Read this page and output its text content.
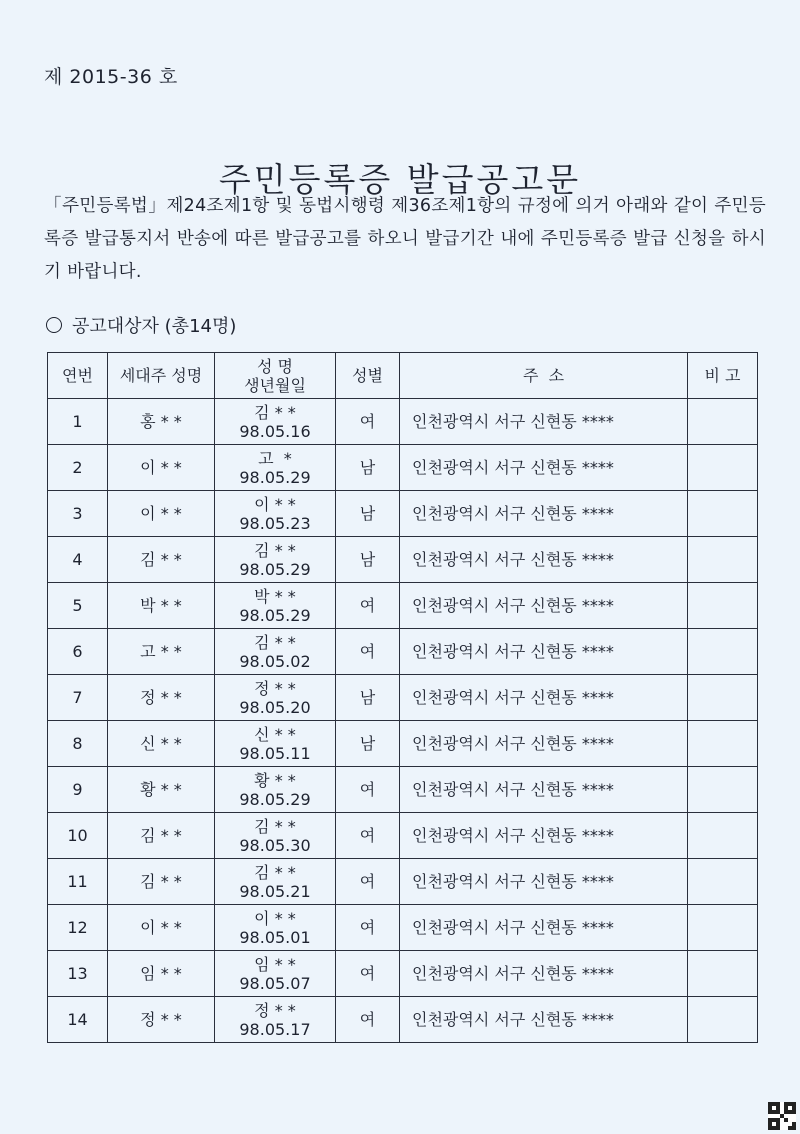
제 2015-36 호
주민등록증 발급공고문

「주민등록법」제24조제1항 및 동법시행령 제36조제1항의 규정에 의거 아래와 같이 주민등록증 발급통지서 반송에 따른 발급공고를 하오니 발급기간 내에 주민등록증 발급 신청을 하시기 바랍니다.

공고대상자 (총14명)
연번	세대주 성명	성 명
생년월일	성별	주  소	비 고
1	홍 * *	김 * *
98.05.16	여	인천광역시 서구 신현동 ****	
2	이 * *	고  *
98.05.29	남	인천광역시 서구 신현동 ****	
3	이 * *	이 * *
98.05.23	남	인천광역시 서구 신현동 ****	
4	김 * *	김 * *
98.05.29	남	인천광역시 서구 신현동 ****	
5	박 * *	박 * *
98.05.29	여	인천광역시 서구 신현동 ****	
6	고 * *	김 * *
98.05.02	여	인천광역시 서구 신현동 ****	
7	정 * *	정 * *
98.05.20	남	인천광역시 서구 신현동 ****	
8	신 * *	신 * *
98.05.11	남	인천광역시 서구 신현동 ****	
9	황 * *	황 * *
98.05.29	여	인천광역시 서구 신현동 ****	
10	김 * *	김 * *
98.05.30	여	인천광역시 서구 신현동 ****	
11	김 * *	김 * *
98.05.21	여	인천광역시 서구 신현동 ****	
12	이 * *	이 * *
98.05.01	여	인천광역시 서구 신현동 ****	
13	임 * *	임 * *
98.05.07	여	인천광역시 서구 신현동 ****	
14	정 * *	정 * *
98.05.17	여	인천광역시 서구 신현동 ****	
